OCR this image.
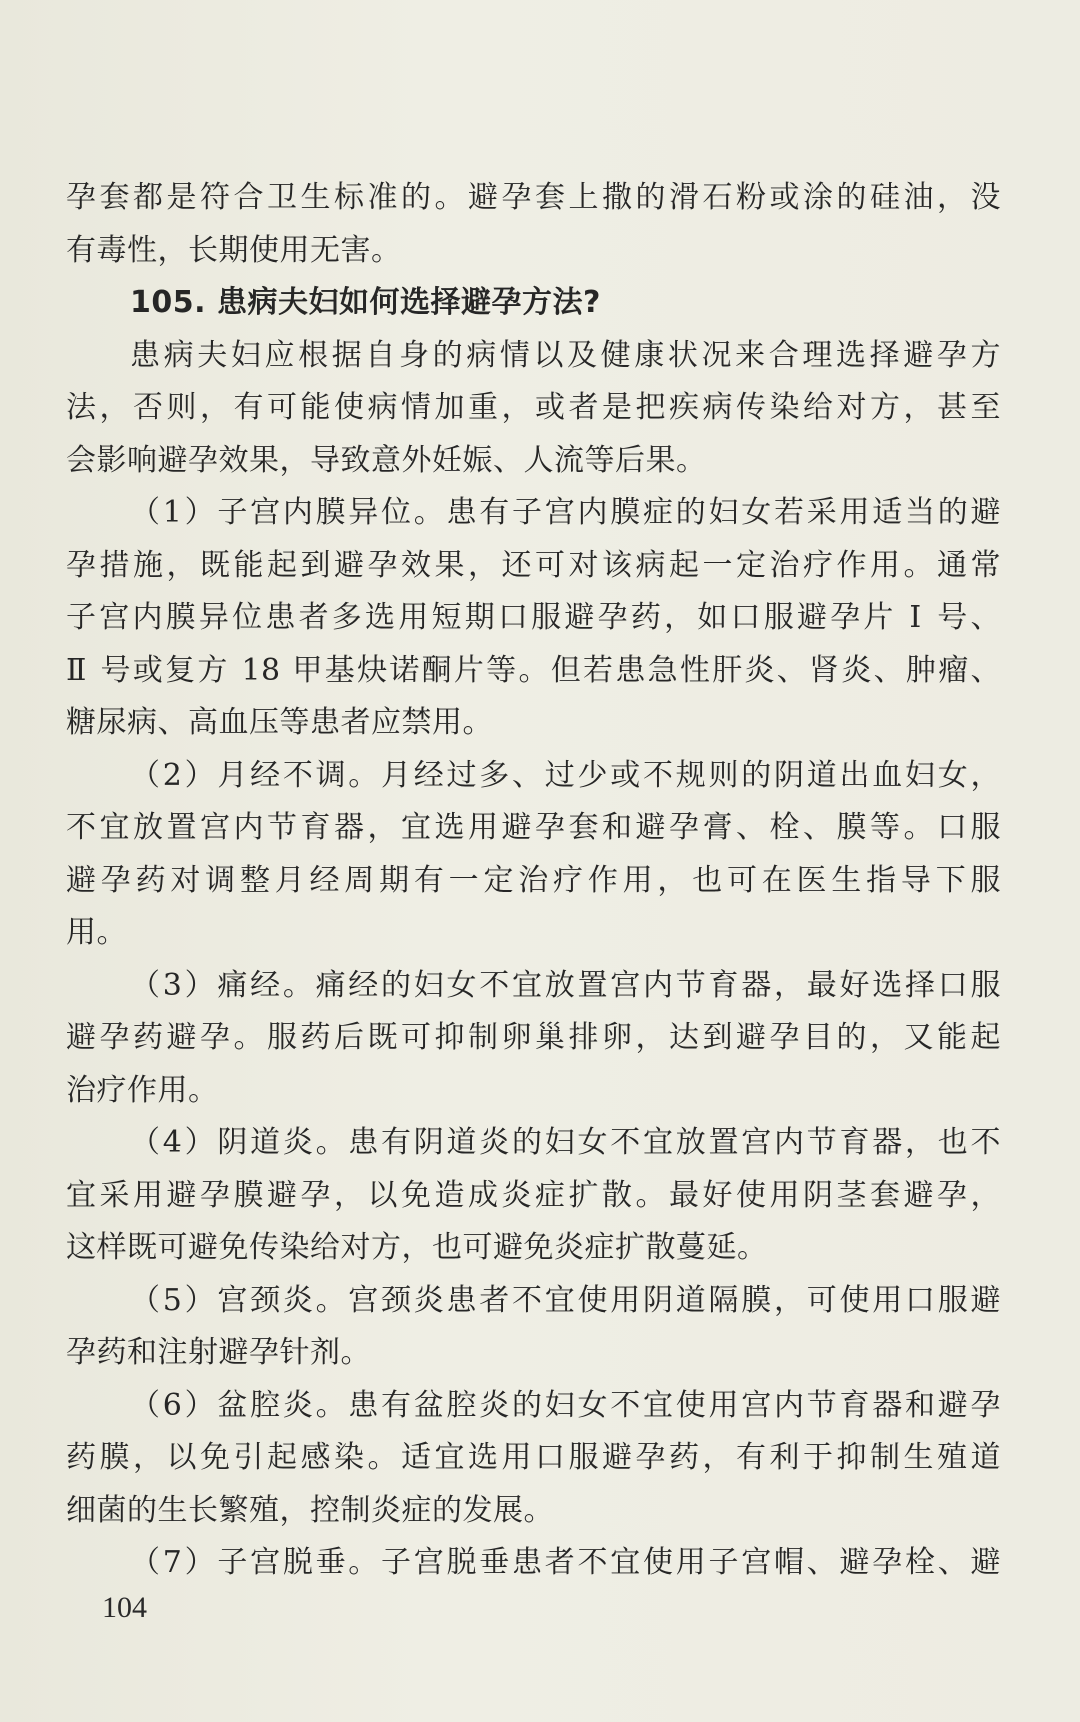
孕套都是符合卫生标准的。避孕套上撒的滑石粉或涂的硅油，没
有毒性，长期使用无害。
105. 患病夫妇如何选择避孕方法?
患病夫妇应根据自身的病情以及健康状况来合理选择避孕方
法，否则，有可能使病情加重，或者是把疾病传染给对方，甚至
会影响避孕效果，导致意外妊娠、人流等后果。
（1）子宫内膜异位。患有子宫内膜症的妇女若采用适当的避
孕措施，既能起到避孕效果，还可对该病起一定治疗作用。通常
子宫内膜异位患者多选用短期口服避孕药，如口服避孕片 Ⅰ 号、
Ⅱ 号或复方 18 甲基炔诺酮片等。但若患急性肝炎、肾炎、肿瘤、
糖尿病、高血压等患者应禁用。
（2）月经不调。月经过多、过少或不规则的阴道出血妇女，
不宜放置宫内节育器，宜选用避孕套和避孕膏、栓、膜等。口服
避孕药对调整月经周期有一定治疗作用，也可在医生指导下服
用。
（3）痛经。痛经的妇女不宜放置宫内节育器，最好选择口服
避孕药避孕。服药后既可抑制卵巢排卵，达到避孕目的，又能起
治疗作用。
（4）阴道炎。患有阴道炎的妇女不宜放置宫内节育器，也不
宜采用避孕膜避孕，以免造成炎症扩散。最好使用阴茎套避孕，
这样既可避免传染给对方，也可避免炎症扩散蔓延。
（5）宫颈炎。宫颈炎患者不宜使用阴道隔膜，可使用口服避
孕药和注射避孕针剂。
（6）盆腔炎。患有盆腔炎的妇女不宜使用宫内节育器和避孕
药膜，以免引起感染。适宜选用口服避孕药，有利于抑制生殖道
细菌的生长繁殖，控制炎症的发展。
（7）子宫脱垂。子宫脱垂患者不宜使用子宫帽、避孕栓、避
104
